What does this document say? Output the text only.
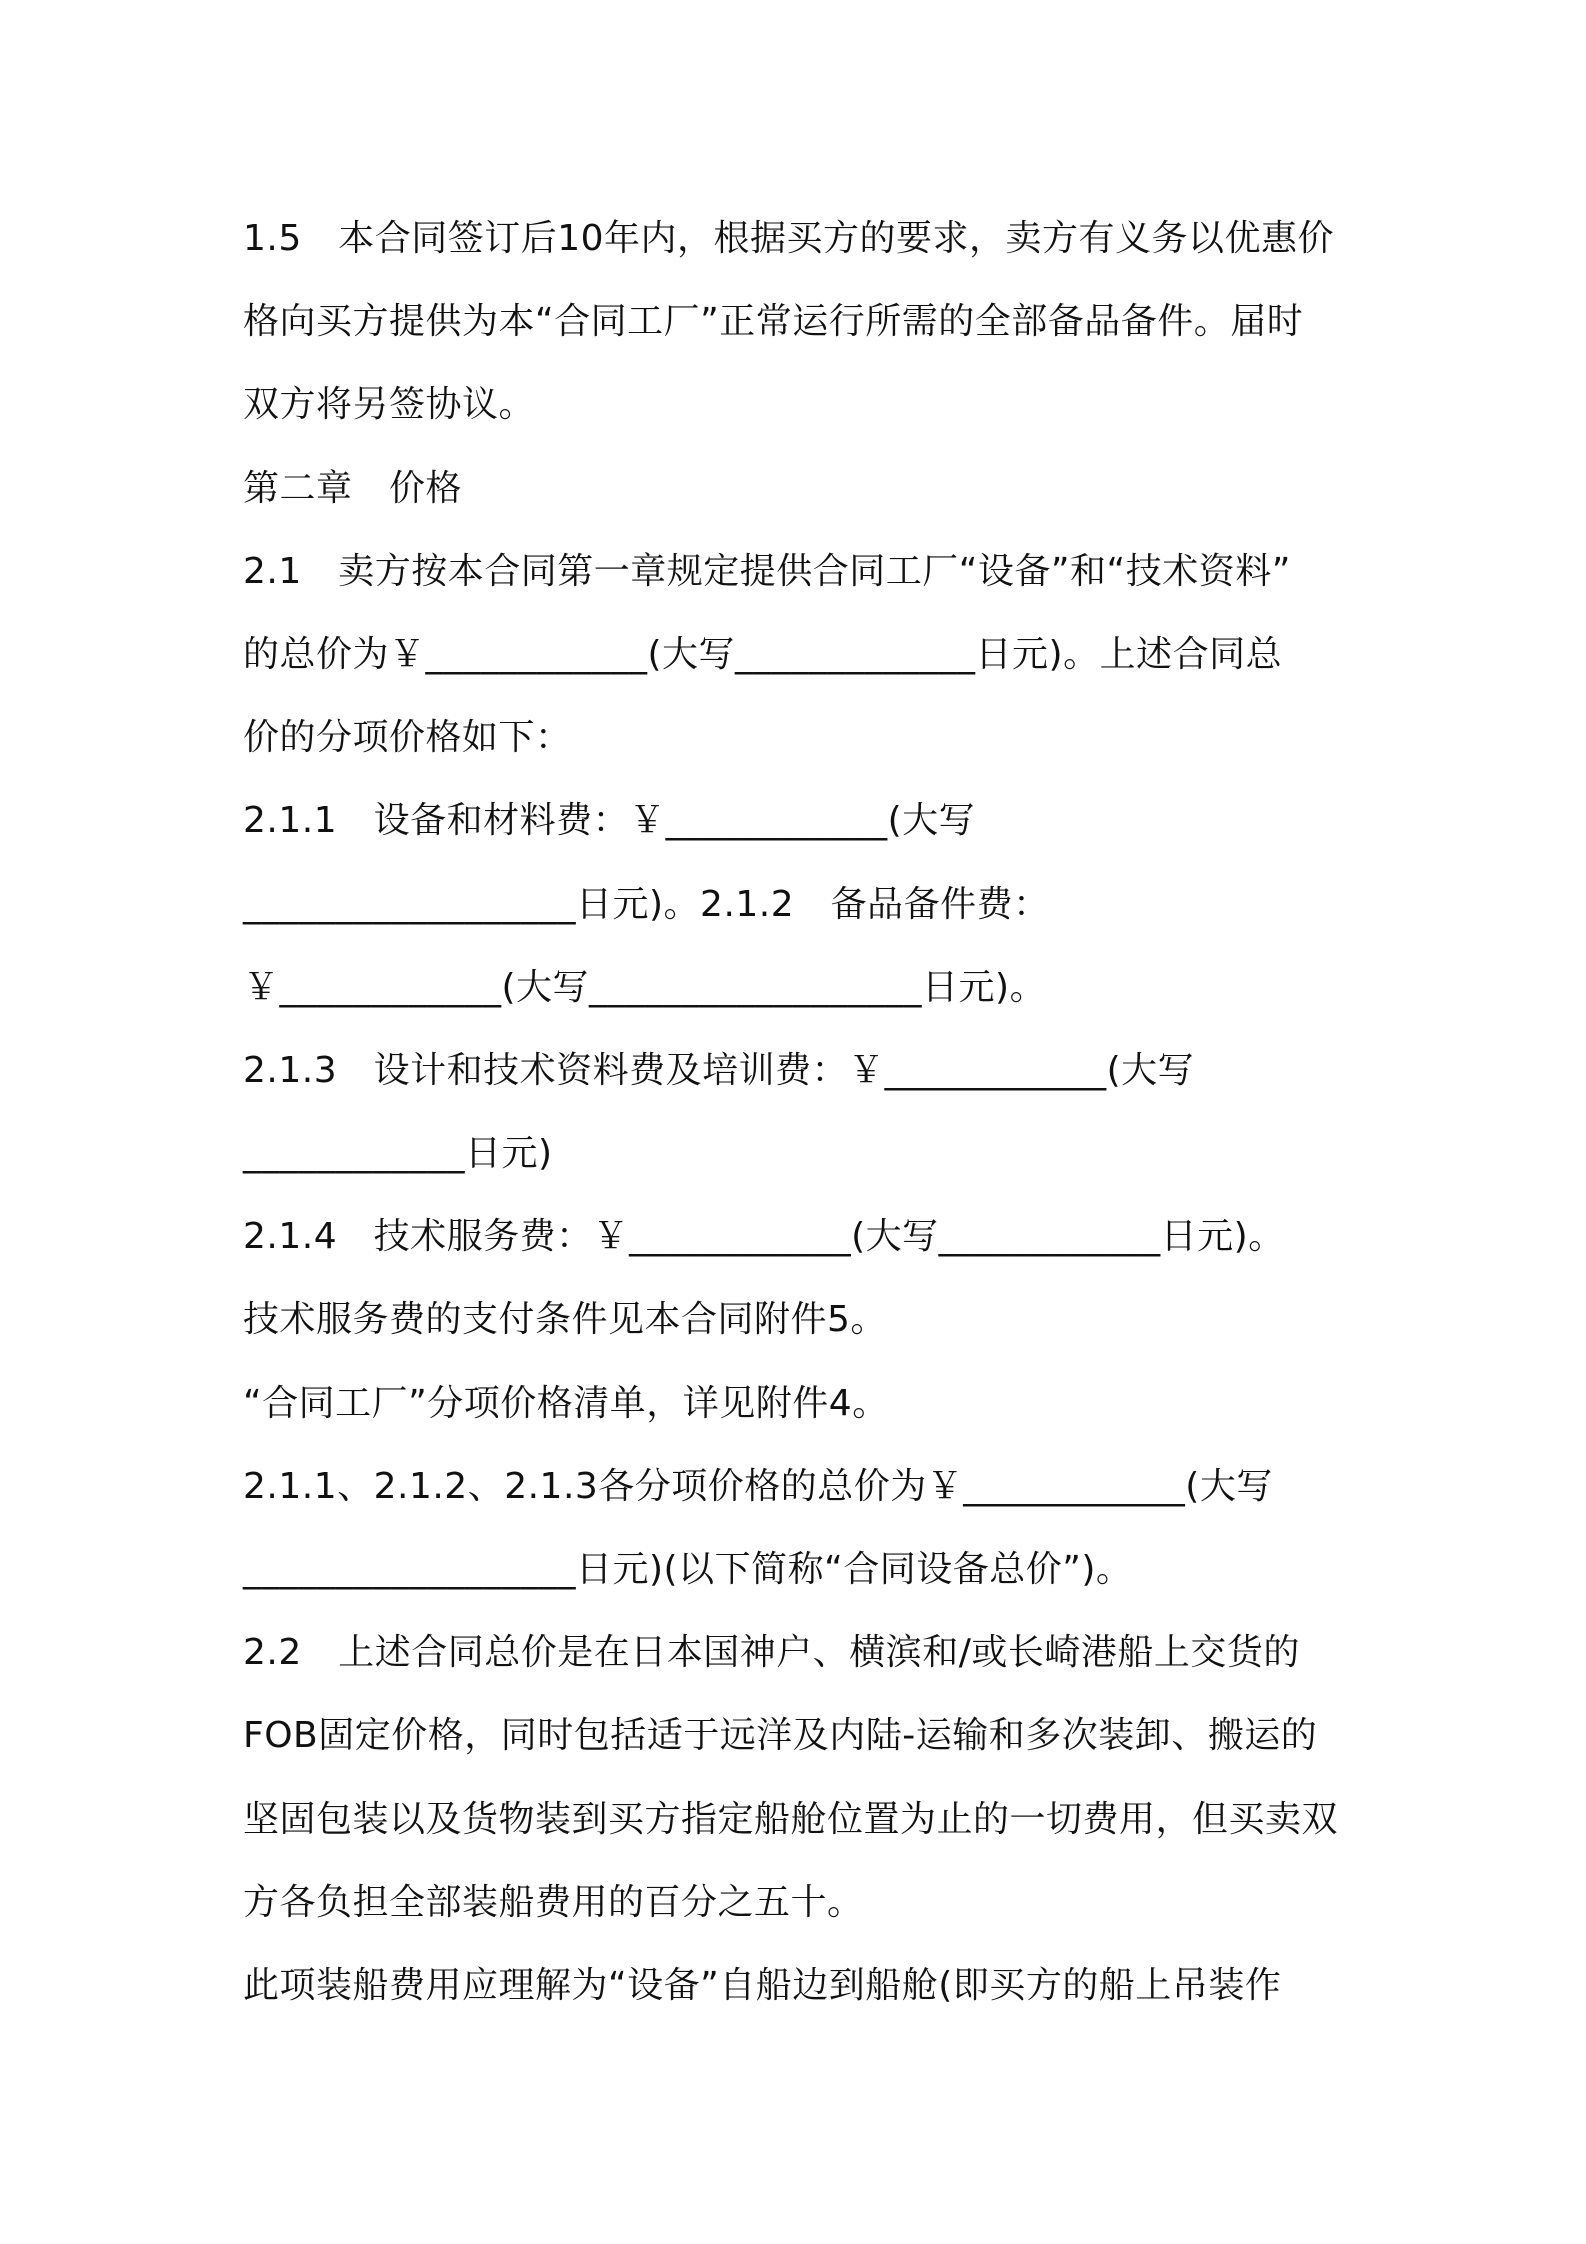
1.5　本合同签订后10年内，根据买方的要求，卖方有义务以优惠价
格向买方提供为本“合同工厂”正常运行所需的全部备品备件。届时
双方将另签协议。
第二章　价格
2.1　卖方按本合同第一章规定提供合同工厂“设备”和“技术资料”
的总价为￥____________(大写_____________日元)。上述合同总
价的分项价格如下：
2.1.1　设备和材料费：￥____________(大写
__________________日元)。2.1.2　备品备件费：
￥____________(大写__________________日元)。
2.1.3　设计和技术资料费及培训费：￥____________(大写
____________日元)
2.1.4　技术服务费：￥____________(大写____________日元)。
技术服务费的支付条件见本合同附件5。
“合同工厂”分项价格清单，详见附件4。
2.1.1、2.1.2、2.1.3各分项价格的总价为￥____________(大写
__________________日元)(以下简称“合同设备总价”)。
2.2　上述合同总价是在日本国神户、横滨和/或长崎港船上交货的
FOB固定价格，同时包括适于远洋及内陆-运输和多次装卸、搬运的
坚固包装以及货物装到买方指定船舱位置为止的一切费用，但买卖双
方各负担全部装船费用的百分之五十。
此项装船费用应理解为“设备”自船边到船舱(即买方的船上吊装作
